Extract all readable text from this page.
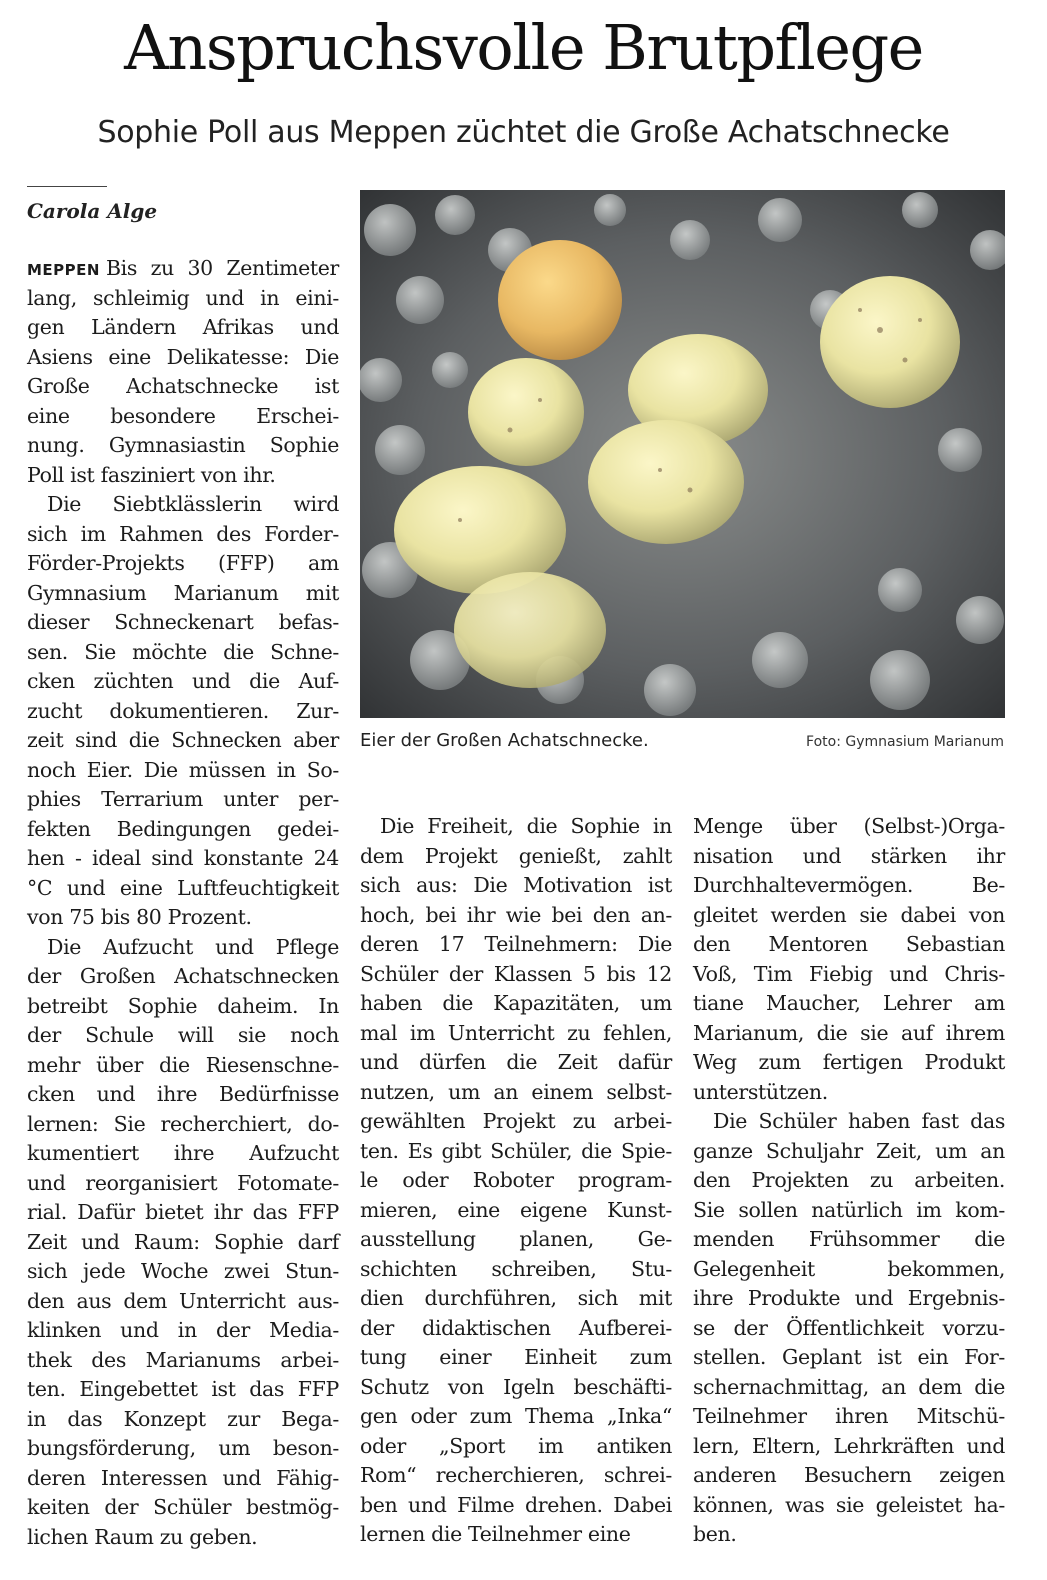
Anspruchsvolle Brutpflege
Sophie Poll aus Meppen züchtet die Große Achatschnecke
Carola Alge
MEPPEN Bis zu 30 Zentimeter
lang, schleimig und in eini-
gen Ländern Afrikas und
Asiens eine Delikatesse: Die
Große Achatschnecke ist
eine besondere Erschei-
nung. Gymnasiastin Sophie
Poll ist fasziniert von ihr.
Die Siebtklässlerin wird
sich im Rahmen des Forder-
Förder-Projekts (FFP) am
Gymnasium Marianum mit
dieser Schneckenart befas-
sen. Sie möchte die Schne-
cken züchten und die Auf-
zucht dokumentieren. Zur-
zeit sind die Schnecken aber
noch Eier. Die müssen in So-
phies Terrarium unter per-
fekten Bedingungen gedei-
hen - ideal sind konstante 24
°C und eine Luftfeuchtigkeit
von 75 bis 80 Prozent.
Die Aufzucht und Pflege
der Großen Achatschnecken
betreibt Sophie daheim. In
der Schule will sie noch
mehr über die Riesenschne-
cken und ihre Bedürfnisse
lernen: Sie recherchiert, do-
kumentiert ihre Aufzucht
und reorganisiert Fotomate-
rial. Dafür bietet ihr das FFP
Zeit und Raum: Sophie darf
sich jede Woche zwei Stun-
den aus dem Unterricht aus-
klinken und in der Media-
thek des Marianums arbei-
ten. Eingebettet ist das FFP
in das Konzept zur Bega-
bungsförderung, um beson-
deren Interessen und Fähig-
keiten der Schüler bestmög-
lichen Raum zu geben.
Die Freiheit, die Sophie in
dem Projekt genießt, zahlt
sich aus: Die Motivation ist
hoch, bei ihr wie bei den an-
deren 17 Teilnehmern: Die
Schüler der Klassen 5 bis 12
haben die Kapazitäten, um
mal im Unterricht zu fehlen,
und dürfen die Zeit dafür
nutzen, um an einem selbst-
gewählten Projekt zu arbei-
ten. Es gibt Schüler, die Spie-
le oder Roboter program-
mieren, eine eigene Kunst-
ausstellung planen, Ge-
schichten schreiben, Stu-
dien durchführen, sich mit
der didaktischen Aufberei-
tung einer Einheit zum
Schutz von Igeln beschäfti-
gen oder zum Thema „Inka“
oder „Sport im antiken
Rom“ recherchieren, schrei-
ben und Filme drehen. Dabei
lernen die Teilnehmer eine
Menge über (Selbst-)Orga-
nisation und stärken ihr
Durchhaltevermögen. Be-
gleitet werden sie dabei von
den Mentoren Sebastian
Voß, Tim Fiebig und Chris-
tiane Maucher, Lehrer am
Marianum, die sie auf ihrem
Weg zum fertigen Produkt
unterstützen.
Die Schüler haben fast das
ganze Schuljahr Zeit, um an
den Projekten zu arbeiten.
Sie sollen natürlich im kom-
menden Frühsommer die
Gelegenheit bekommen,
ihre Produkte und Ergebnis-
se der Öffentlichkeit vorzu-
stellen. Geplant ist ein For-
schernachmittag, an dem die
Teilnehmer ihren Mitschü-
lern, Eltern, Lehrkräften und
anderen Besuchern zeigen
können, was sie geleistet ha-
ben.
Eier der Großen Achatschnecke.	Foto: Gymnasium Marianum
